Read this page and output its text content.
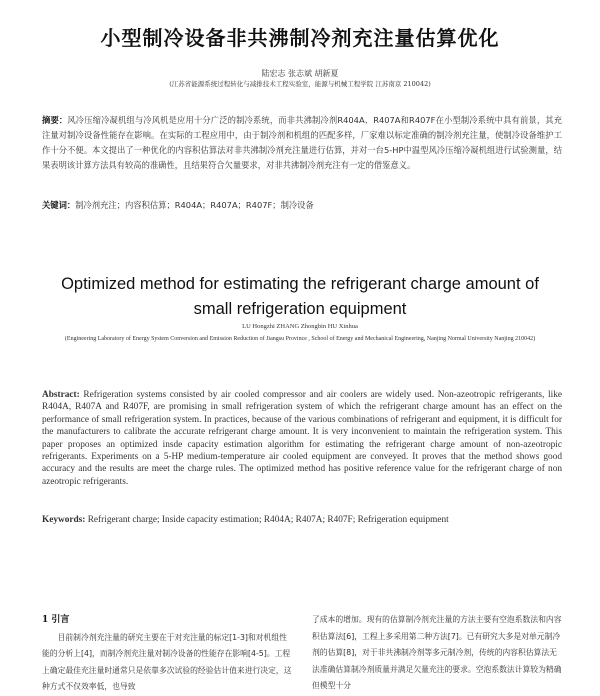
小型制冷设备非共沸制冷剂充注量估算优化
陆宏志 张志斌 胡新夏
(江苏省能源系统过程转化与减排技术工程实验室，能源与机械工程学院 江苏南京 210042)
摘要：风冷压缩冷凝机组与冷风机是应用十分广泛的制冷系统，而非共沸制冷剂R404A、R407A和R407F在小型制冷系统中具有前景，其充注量对制冷设备性能存在影响。在实际的工程应用中，由于制冷剂和机组的匹配多样，厂家难以标定准确的制冷剂充注量，使制冷设备维护工作十分不便。本文提出了一种优化的内容积估算法对非共沸制冷剂充注量进行估算，并对一台5-HP中温型风冷压缩冷凝机组进行试验测量，结果表明该计算方法具有较高的准确性，且结果符合欠量要求，对非共沸制冷剂充注有一定的借鉴意义。
关键词：制冷剂充注；内容积估算；R404A；R407A；R407F；制冷设备
Optimized method for estimating the refrigerant charge amount of small refrigeration equipment
LU Hongzhi ZHANG Zhongbin HU Xinhua
(Engineering Laboratory of Energy System Conversion and Emission Reduction of Jiangsu Province , School of Energy and Mechanical Engineering, Nanjing Normal University Nanjing 210042)
Abstract: Refrigeration systems consisted by air cooled compressor and air coolers are widely used. Non-azeotropic refrigerants, like R404A, R407A and R407F, are promising in small refrigeration system of which the refrigerant charge amount has an effect on the performance of small refrigeration system. In practices, because of the various combinations of refrigerant and equipment, it is difficult for the manufacturers to calibrate the accurate refrigerant charge amount. It is very inconvenient to maintain the refrigeration system. This paper proposes an optimized insde capacity estimation algorithm for estimating the refrigerant charge amount of non-azeotropic refrigerants. Experiments on a 5-HP medium-temperature air cooled equipment are conveyed. It proves that the method shows good accuracy and the results are meet the charge rules. The optimized method has positive reference value for the refrigerant charge of non azeotropic refrigerants.
Keywords: Refrigerant charge; Inside capacity estimation; R404A; R407A; R407F; Refrigeration equipment
1 引言

目前制冷剂充注量的研究主要在于对充注量的标定[1-3]和对机组性能的分析上[4]，而制冷剂充注量对制冷设备的性能存在影响[4-5]。工程上确定最佳充注量时通常只是依靠多次试验的经验估计值来进行决定，这种方式不仅效率低，也导致

了成本的增加。现有的估算制冷剂充注量的方法主要有空泡系数法和内容积估算法[6]，工程上多采用第二种方法[7]。已有研究大多是对单元制冷剂的估算[8]，对于非共沸制冷剂等多元制冷剂，传统的内容积估算法无法准确估算制冷剂质量并满足欠量充注的要求。空泡系数法计算较为精确但模型十分
